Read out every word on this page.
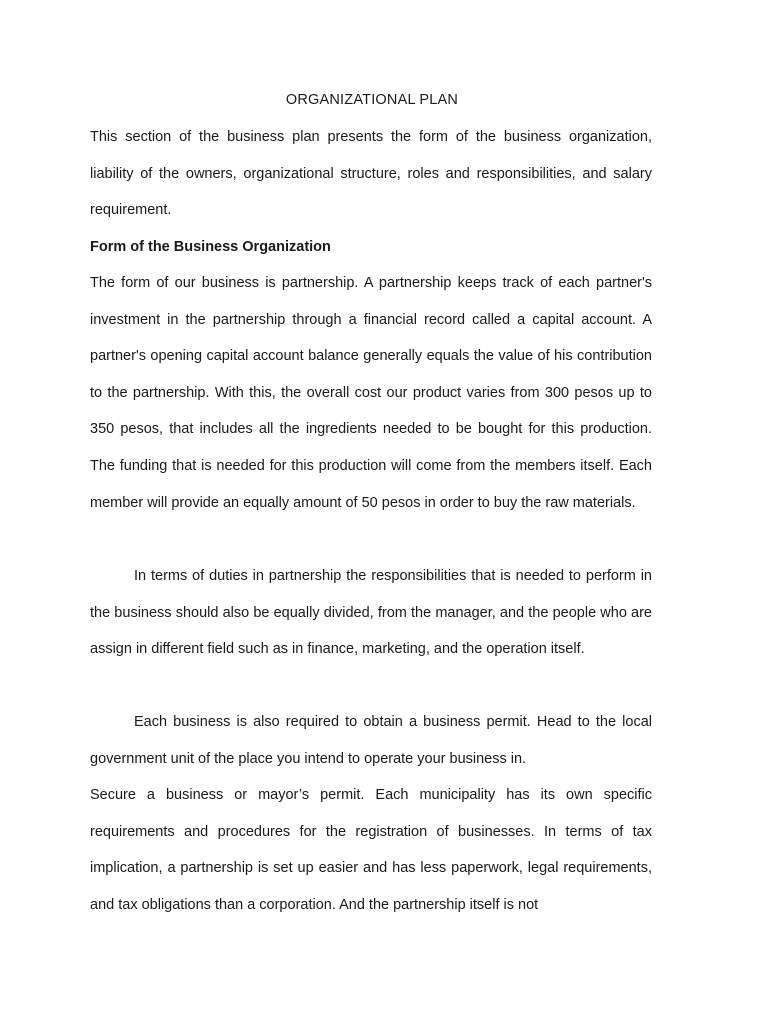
ORGANIZATIONAL PLAN

This section of the business plan presents the form of the business organization, liability of the owners, organizational structure, roles and responsibilities, and salary requirement.

Form of the Business Organization

The form of our business is partnership. A partnership keeps track of each partner's investment in the partnership through a financial record called a capital account. A partner's opening capital account balance generally equals the value of his contribution to the partnership. With this, the overall cost our product varies from 300 pesos up to 350 pesos, that includes all the ingredients needed to be bought for this production. The funding that is needed for this production will come from the members itself. Each member will provide an equally amount of 50 pesos in order to buy the raw materials.

In terms of duties in partnership the responsibilities that is needed to perform in the business should also be equally divided, from the manager, and the people who are assign in different field such as in finance, marketing, and the operation itself.

Each business is also required to obtain a business permit. Head to the local government unit of the place you intend to operate your business in.

Secure a business or mayor’s permit. Each municipality has its own specific requirements and procedures for the registration of businesses. In terms of tax implication, a partnership is set up easier and has less paperwork, legal requirements, and tax obligations than a corporation. And the partnership itself is not
